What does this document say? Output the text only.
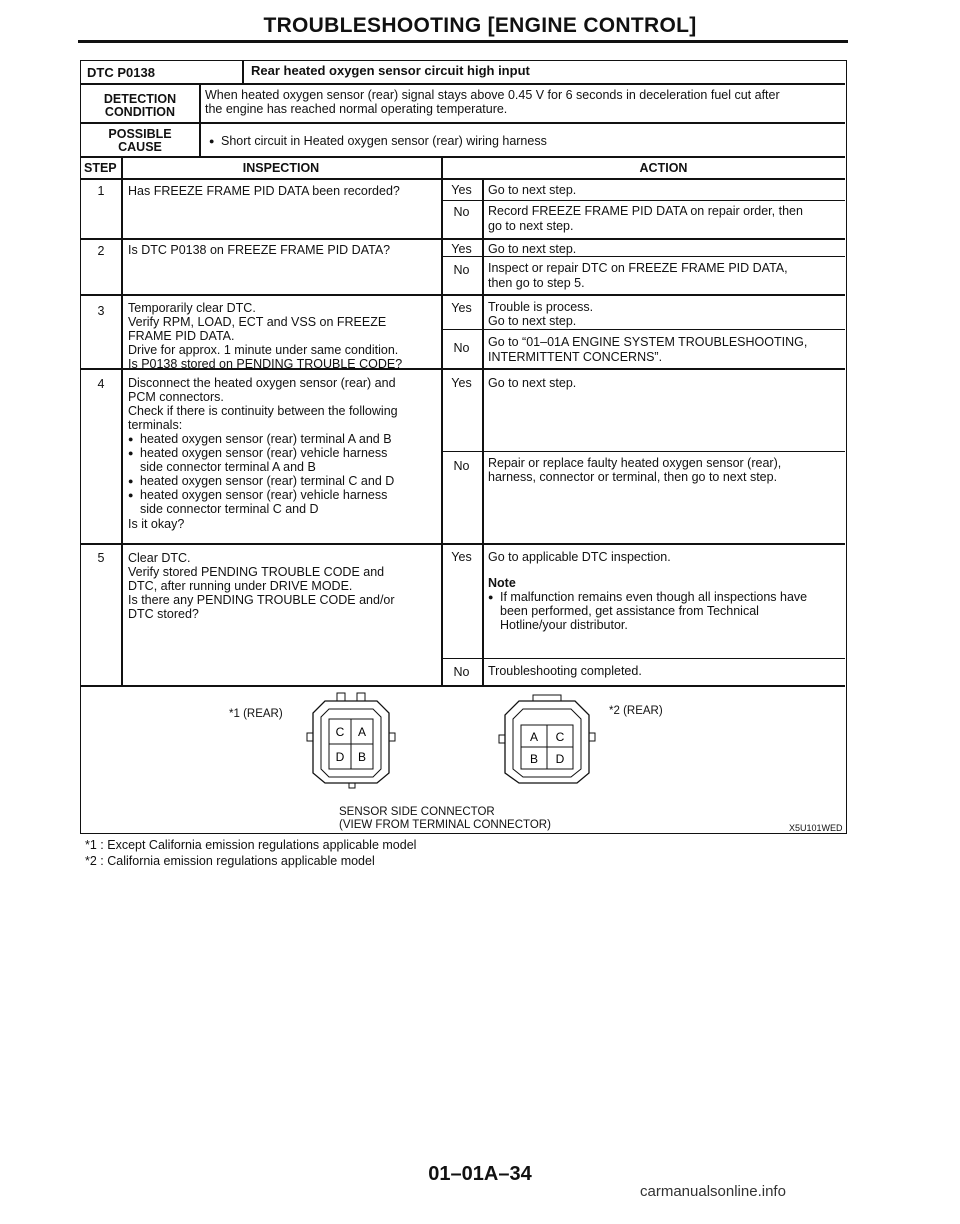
TROUBLESHOOTING [ENGINE CONTROL]
DTC P0138	Rear heated oxygen sensor circuit high input
DETECTION
CONDITION
When heated oxygen sensor (rear) signal stays above 0.45 V for 6 seconds in deceleration fuel cut after
the engine has reached normal operating temperature.
POSSIBLE
CAUSE
●	Short circuit in Heated oxygen sensor (rear) wiring harness
STEP	INSPECTION	ACTION
1	Has FREEZE FRAME PID DATA been recorded?	Yes	Go to next step.
No	Record FREEZE FRAME PID DATA on repair order, then
go to next step.
2	Is DTC P0138 on FREEZE FRAME PID DATA?	Yes	Go to next step.
No	Inspect or repair DTC on FREEZE FRAME PID DATA,
then go to step 5.
3	Temporarily clear DTC.
Verify RPM, LOAD, ECT and VSS on FREEZE
FRAME PID DATA.
Drive for approx. 1 minute under same condition.
Is P0138 stored on PENDING TROUBLE CODE?
Yes	Trouble is process.
Go to next step.
No	Go to “01–01A ENGINE SYSTEM TROUBLESHOOTING,
INTERMITTENT CONCERNS”.
4	Disconnect the heated oxygen sensor (rear) and
PCM connectors.
Check if there is continuity between the following
terminals:
● heated oxygen sensor (rear) terminal A and B
● heated oxygen sensor (rear) vehicle harness
side connector terminal A and B
● heated oxygen sensor (rear) terminal C and D
● heated oxygen sensor (rear) vehicle harness
side connector terminal C and D
Is it okay?
Yes	Go to next step.
No	Repair or replace faulty heated oxygen sensor (rear),
harness, connector or terminal, then go to next step.
5	Clear DTC.
Verify stored PENDING TROUBLE CODE and
DTC, after running under DRIVE MODE.
Is there any PENDING TROUBLE CODE and/or
DTC stored?
Yes	Go to applicable DTC inspection.
Note
● If malfunction remains even though all inspections have
been performed, get assistance from Technical
Hotline/your distributor.
No	Troubleshooting completed.
*1 (REAR)	*2 (REAR)
C A
D B
A C
B D
SENSOR SIDE CONNECTOR
(VIEW FROM TERMINAL CONNECTOR)	X5U101WED
*1 : Except California emission regulations applicable model
*2 : California emission regulations applicable model
01–01A–34
carmanualsonline.info
